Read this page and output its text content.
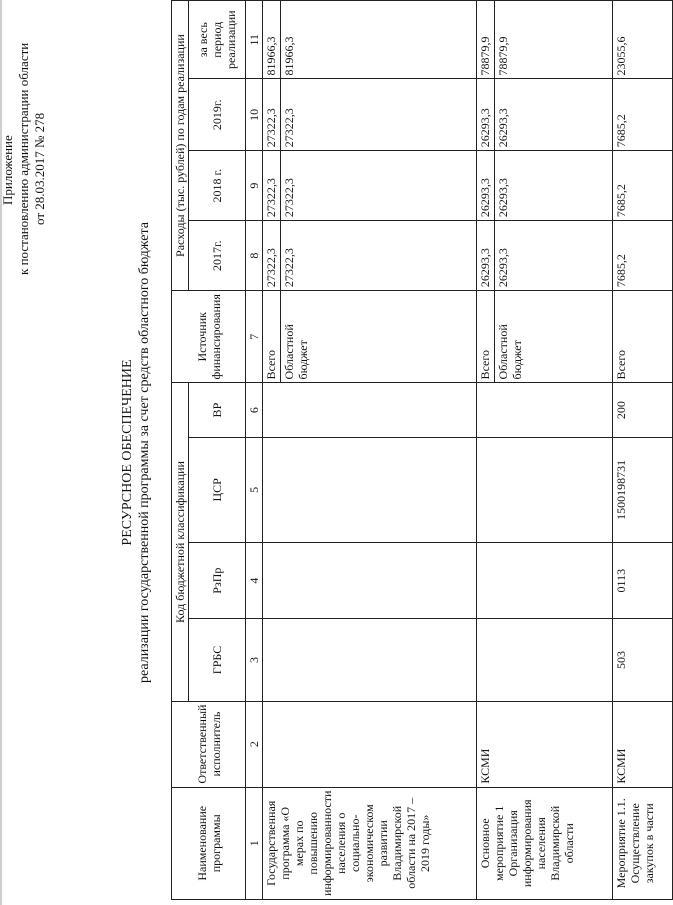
Приложение к постановлению администрации области от 28.03.2017 № 278
РЕСУРСНОЕ ОБЕСПЕЧЕНИЕ реализации государственной программы за счет средств областного бюджета
Наименование программы	Ответственный исполнитель	Код бюджетной классификации				Источник финансирования	Расходы (тыс. рублей) по годам реализации			
		ГРБС	РзПр	ЦСР	ВР		2017г.	2018 г.	2019г.	за весь период реализации
1	2	3	4	5	6	7	8	9	10	11
Государственная программа «О мерах по повышению информированности населения о социально-экономическом развитии Владимирской области на 2017 – 2019 годы»						Всего	27322,3	27322,3	27322,3	81966,3
						Областной бюджет	27322,3	27322,3	27322,3	81966,3
Основное мероприятие 1 Организация информирования населения Владимирской области	КСМИ					Всего	26293,3	26293,3	26293,3	78879,9
						Областной бюджет	26293,3	26293,3	26293,3	78879,9
Мероприятие 1.1. Осуществление закупок в части	КСМИ	503	0113	1500198731	200	Всего	7685,2	7685,2	7685,2	23055,6
